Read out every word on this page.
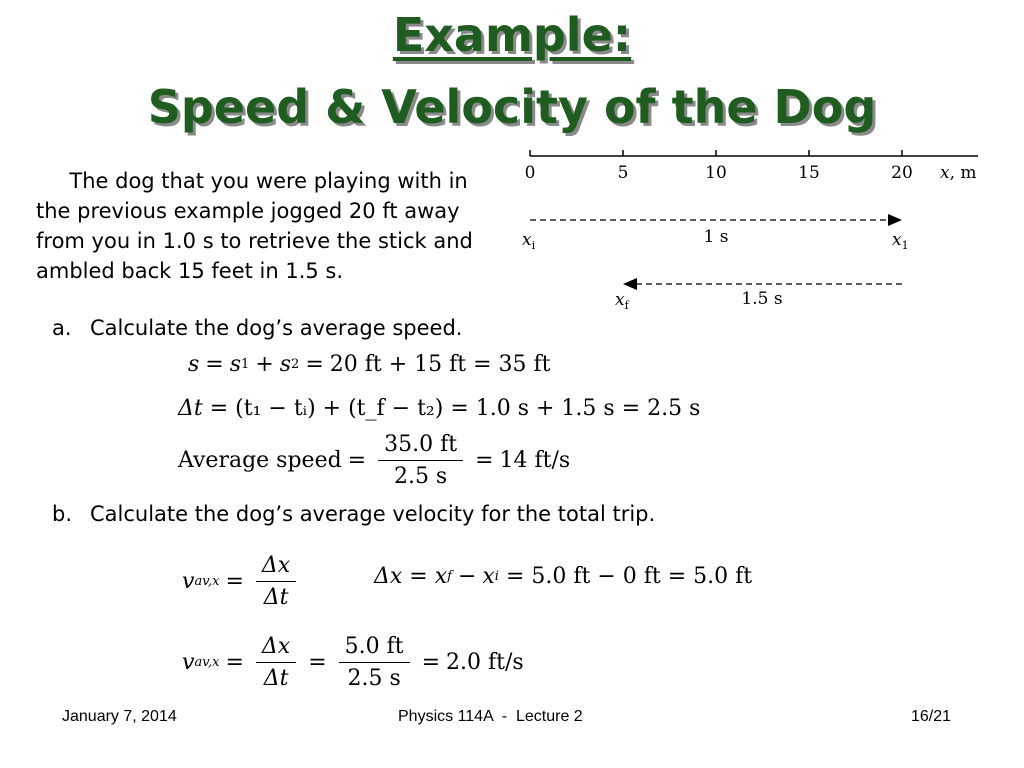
Example:
Speed & Velocity of the Dog

The dog that you were playing with in the previous example jogged 20 ft away from you in 1.0 s to retrieve the stick and ambled back 15 feet in 1.5 s.

0	5	10	15	20 x, m
1 s
$x_i$	$x_1$
1.5 s
$x_f$

a. Calculate the dog’s average speed.

s = s 1 + s 2 = 20 ft + 15 ft = 35 ft
Δt
= (t₁ − tᵢ) + (t_f − t₂) = 1.0 s + 1.5 s = 2.5 s
Average speed = $\frac{35.0 ft}{2.5 s} = 14$ ft/s

b. Calculate the dog’s average velocity for the total trip.

v $av,x = \frac{\Delta x}{\Delta t}$	Δx = x f − x i
= 5.0 ft − 0 ft = 5.0 ft
v $av,x = \frac{\Delta x}{\Delta t} = \frac{5.0 ft}{2.5 s} = 2.0$ ft/s
January 7, 2014	Physics 114A  -  Lecture 2	16/21
